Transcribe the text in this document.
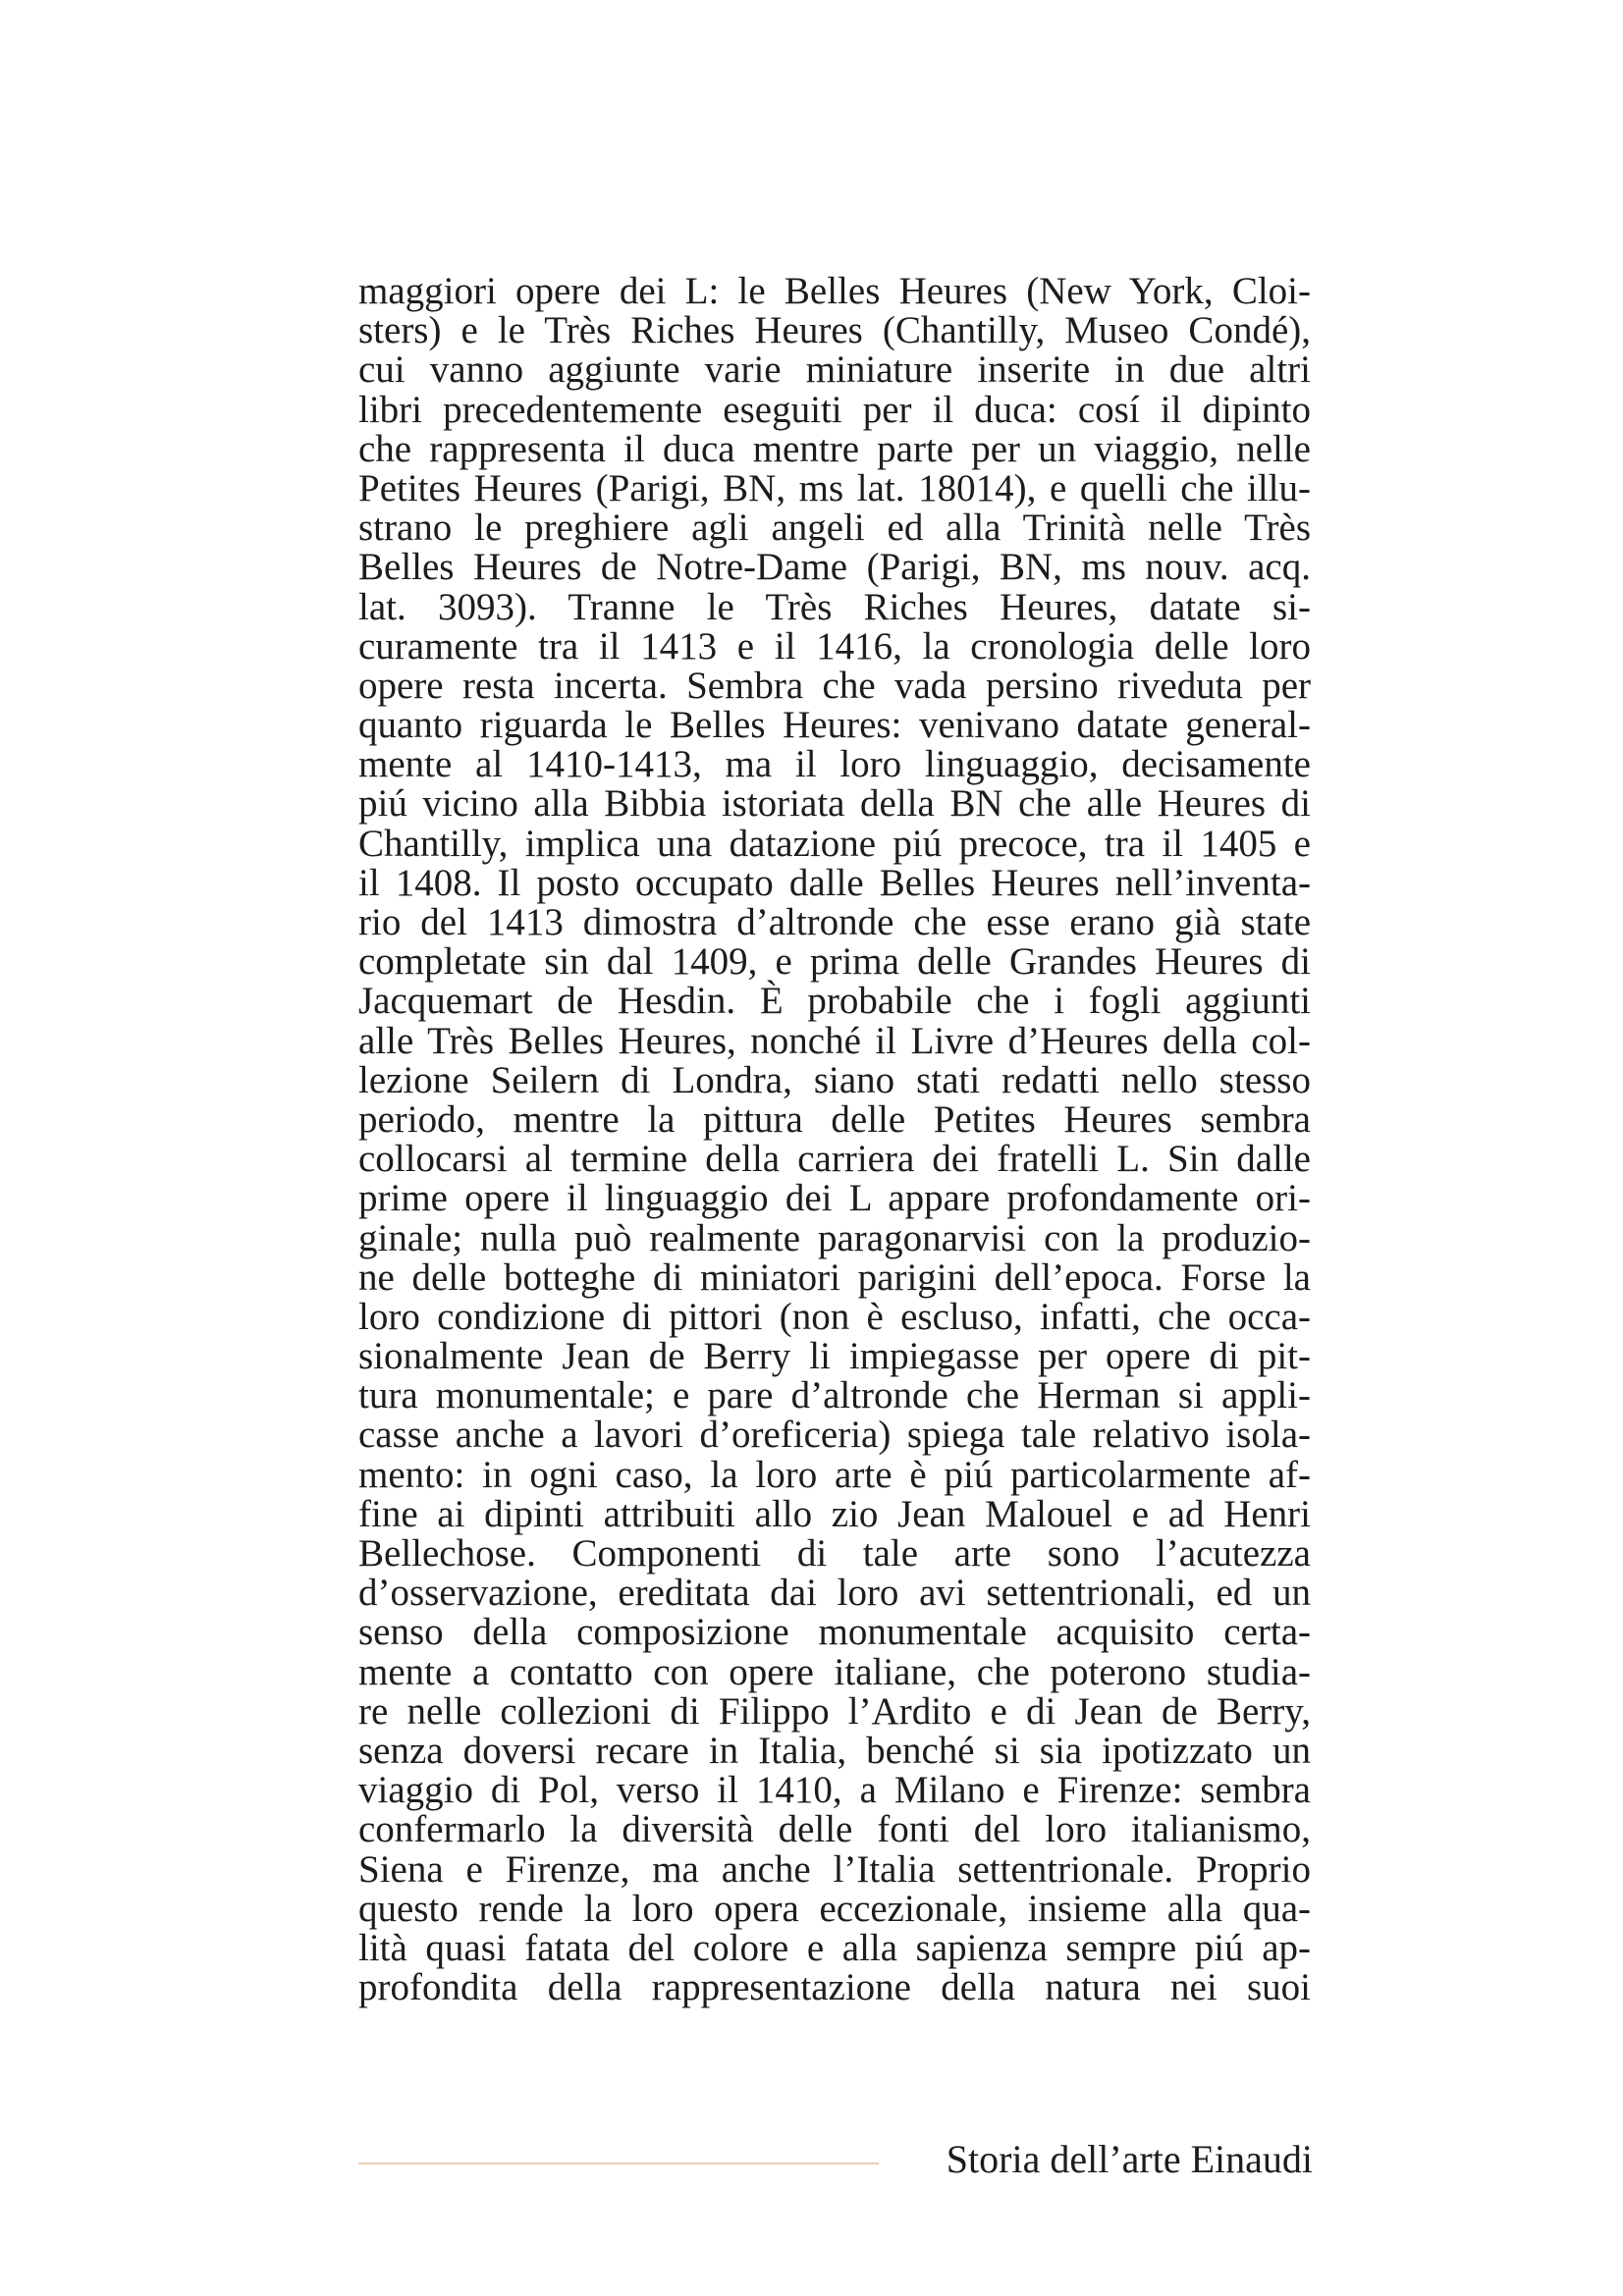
maggiori opere dei L: le Belles Heures (New York, Cloi-
sters) e le Très Riches Heures (Chantilly, Museo Condé),
cui vanno aggiunte varie miniature inserite in due altri
libri precedentemente eseguiti per il duca: cosí il dipinto
che rappresenta il duca mentre parte per un viaggio, nelle
Petites Heures (Parigi, BN, ms lat. 18014), e quelli che illu-
strano le preghiere agli angeli ed alla Trinità nelle Très
Belles Heures de Notre-Dame (Parigi, BN, ms nouv. acq.
lat. 3093). Tranne le Très Riches Heures, datate si-
curamente tra il 1413 e il 1416, la cronologia delle loro
opere resta incerta. Sembra che vada persino riveduta per
quanto riguarda le Belles Heures: venivano datate general-
mente al 1410-1413, ma il loro linguaggio, decisamente
piú vicino alla Bibbia istoriata della BN che alle Heures di
Chantilly, implica una datazione piú precoce, tra il 1405 e
il 1408. Il posto occupato dalle Belles Heures nell’inventa-
rio del 1413 dimostra d’altronde che esse erano già state
completate sin dal 1409, e prima delle Grandes Heures di
Jacquemart de Hesdin. È probabile che i fogli aggiunti
alle Très Belles Heures, nonché il Livre d’Heures della col-
lezione Seilern di Londra, siano stati redatti nello stesso
periodo, mentre la pittura delle Petites Heures sembra
collocarsi al termine della carriera dei fratelli L. Sin dalle
prime opere il linguaggio dei L appare profondamente ori-
ginale; nulla può realmente paragonarvisi con la produzio-
ne delle botteghe di miniatori parigini dell’epoca. Forse la
loro condizione di pittori (non è escluso, infatti, che occa-
sionalmente Jean de Berry li impiegasse per opere di pit-
tura monumentale; e pare d’altronde che Herman si appli-
casse anche a lavori d’oreficeria) spiega tale relativo isola-
mento: in ogni caso, la loro arte è piú particolarmente af-
fine ai dipinti attribuiti allo zio Jean Malouel e ad Henri
Bellechose. Componenti di tale arte sono l’acutezza
d’osservazione, ereditata dai loro avi settentrionali, ed un
senso della composizione monumentale acquisito certa-
mente a contatto con opere italiane, che poterono studia-
re nelle collezioni di Filippo l’Ardito e di Jean de Berry,
senza doversi recare in Italia, benché si sia ipotizzato un
viaggio di Pol, verso il 1410, a Milano e Firenze: sembra
confermarlo la diversità delle fonti del loro italianismo,
Siena e Firenze, ma anche l’Italia settentrionale. Proprio
questo rende la loro opera eccezionale, insieme alla qua-
lità quasi fatata del colore e alla sapienza sempre piú ap-
profondita della rappresentazione della natura nei suoi
Storia dell’arte Einaudi
